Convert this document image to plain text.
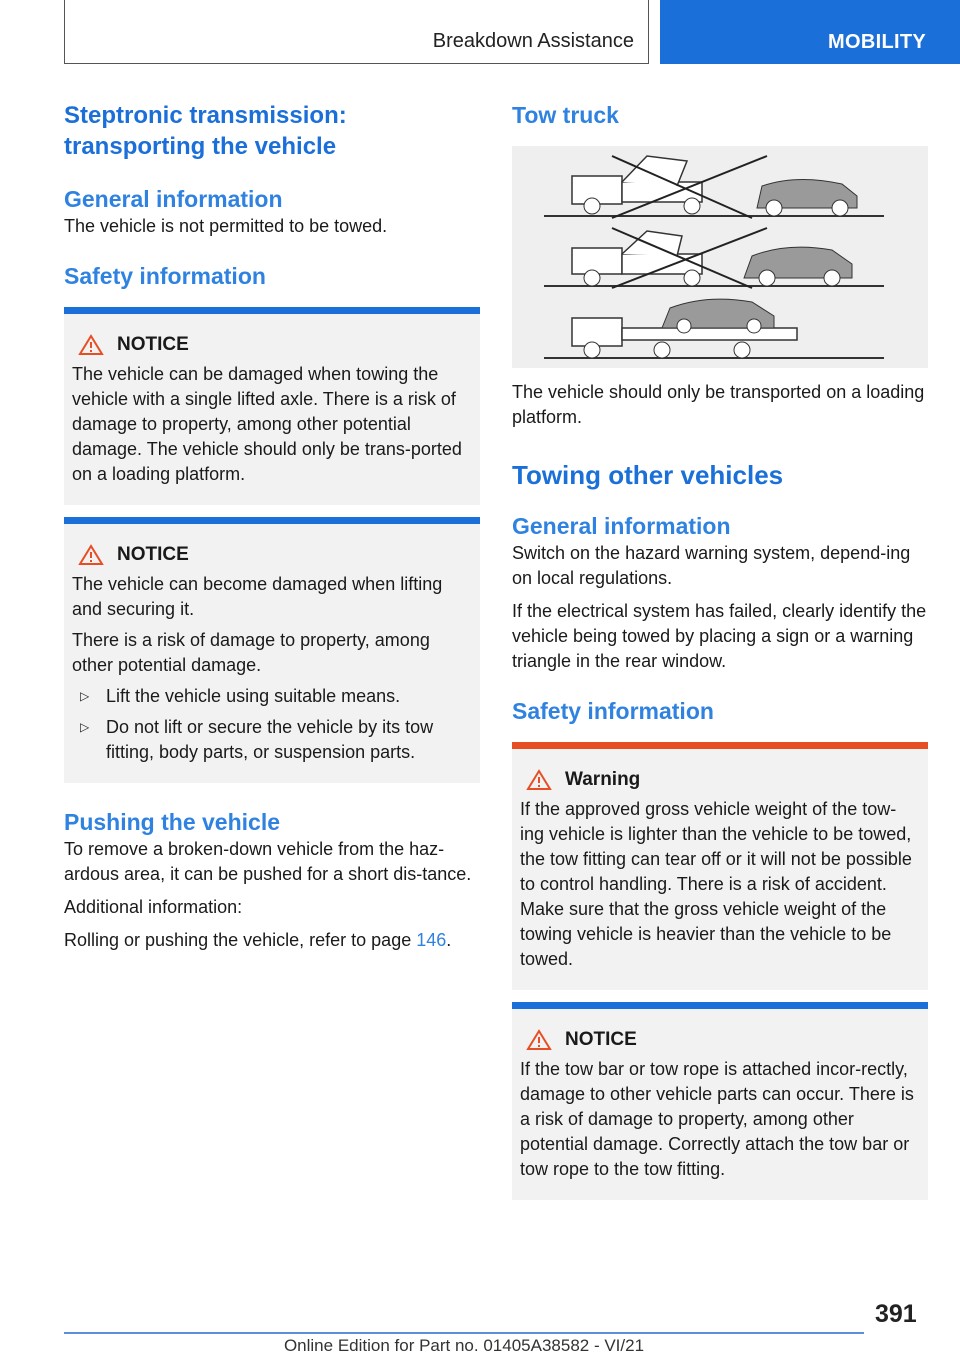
Breakdown Assistance	MOBILITY
Steptronic transmission: transporting the vehicle
General information

The vehicle is not permitted to be towed.

Safety information
NOTICE

The vehicle can be damaged when towing the vehicle with a single lifted axle. There is a risk of damage to property, among other potential damage. The vehicle should only be trans‐ported on a loading platform.

NOTICE

The vehicle can become damaged when lifting and securing it.

There is a risk of damage to property, among other potential damage.

▷ Lift the vehicle using suitable means.
▷ Do not lift or secure the vehicle by its tow fitting, body parts, or suspension parts.
Pushing the vehicle

To remove a broken-down vehicle from the haz‐ardous area, it can be pushed for a short dis‐tance.

Additional information:

Rolling or pushing the vehicle, refer to page 146.

Tow truck

The vehicle should only be transported on a loading platform.

Towing other vehicles
General information

Switch on the hazard warning system, depend‐ing on local regulations.

If the electrical system has failed, clearly identify the vehicle being towed by placing a sign or a warning triangle in the rear window.

Safety information
Warning

If the approved gross vehicle weight of the tow‐ing vehicle is lighter than the vehicle to be towed, the tow fitting can tear off or it will not be possible to control handling. There is a risk of accident. Make sure that the gross vehicle weight of the towing vehicle is heavier than the vehicle to be towed.

NOTICE

If the tow bar or tow rope is attached incor‐rectly, damage to other vehicle parts can occur. There is a risk of damage to property, among other potential damage. Correctly attach the tow bar or tow rope to the tow fitting.

391
Online Edition for Part no. 01405A38582 - VI/21
